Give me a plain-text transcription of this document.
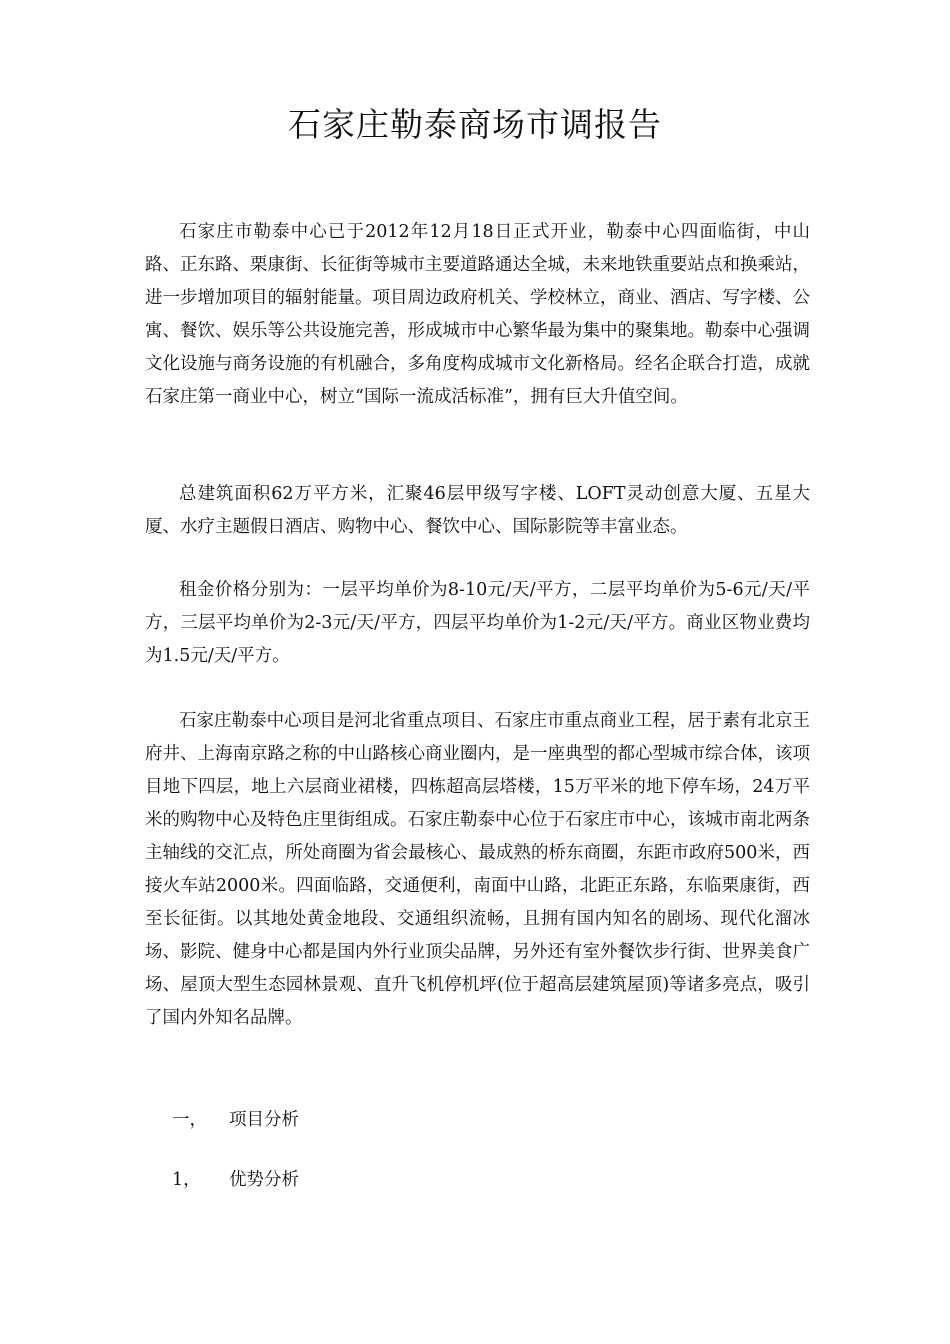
石家庄勒泰商场市调报告

石家庄市勒泰中心已于2012年12月18日正式开业，勒泰中心四面临街，中山路、正东路、栗康街、长征街等城市主要道路通达全城，未来地铁重要站点和换乘站，进一步增加项目的辐射能量。项目周边政府机关、学校林立，商业、酒店、写字楼、公寓、餐饮、娱乐等公共设施完善，形成城市中心繁华最为集中的聚集地。勒泰中心强调文化设施与商务设施的有机融合，多角度构成城市文化新格局。经名企联合打造，成就石家庄第一商业中心，树立“国际一流成活标准”，拥有巨大升值空间。

总建筑面积62万平方米，汇聚46层甲级写字楼、LOFT灵动创意大厦、五星大厦、水疗主题假日酒店、购物中心、餐饮中心、国际影院等丰富业态。

租金价格分别为：一层平均单价为8-10元/天/平方，二层平均单价为5-6元/天/平方，三层平均单价为2-3元/天/平方，四层平均单价为1-2元/天/平方。商业区物业费均为1.5元/天/平方。

石家庄勒泰中心项目是河北省重点项目、石家庄市重点商业工程，居于素有北京王府井、上海南京路之称的中山路核心商业圈内，是一座典型的都心型城市综合体，该项目地下四层，地上六层商业裙楼，四栋超高层塔楼，15万平米的地下停车场，24万平米的购物中心及特色庄里街组成。石家庄勒泰中心位于石家庄市中心，该城市南北两条主轴线的交汇点，所处商圈为省会最核心、最成熟的桥东商圈，东距市政府500米，西接火车站2000米。四面临路，交通便利，南面中山路，北距正东路，东临栗康街，西至长征街。以其地处黄金地段、交通组织流畅，且拥有国内知名的剧场、现代化溜冰场、影院、健身中心都是国内外行业顶尖品牌，另外还有室外餐饮步行街、世界美食广场、屋顶大型生态园林景观、直升飞机停机坪(位于超高层建筑屋顶)等诸多亮点，吸引了国内外知名品牌。

一， 项目分析
1， 优势分析
